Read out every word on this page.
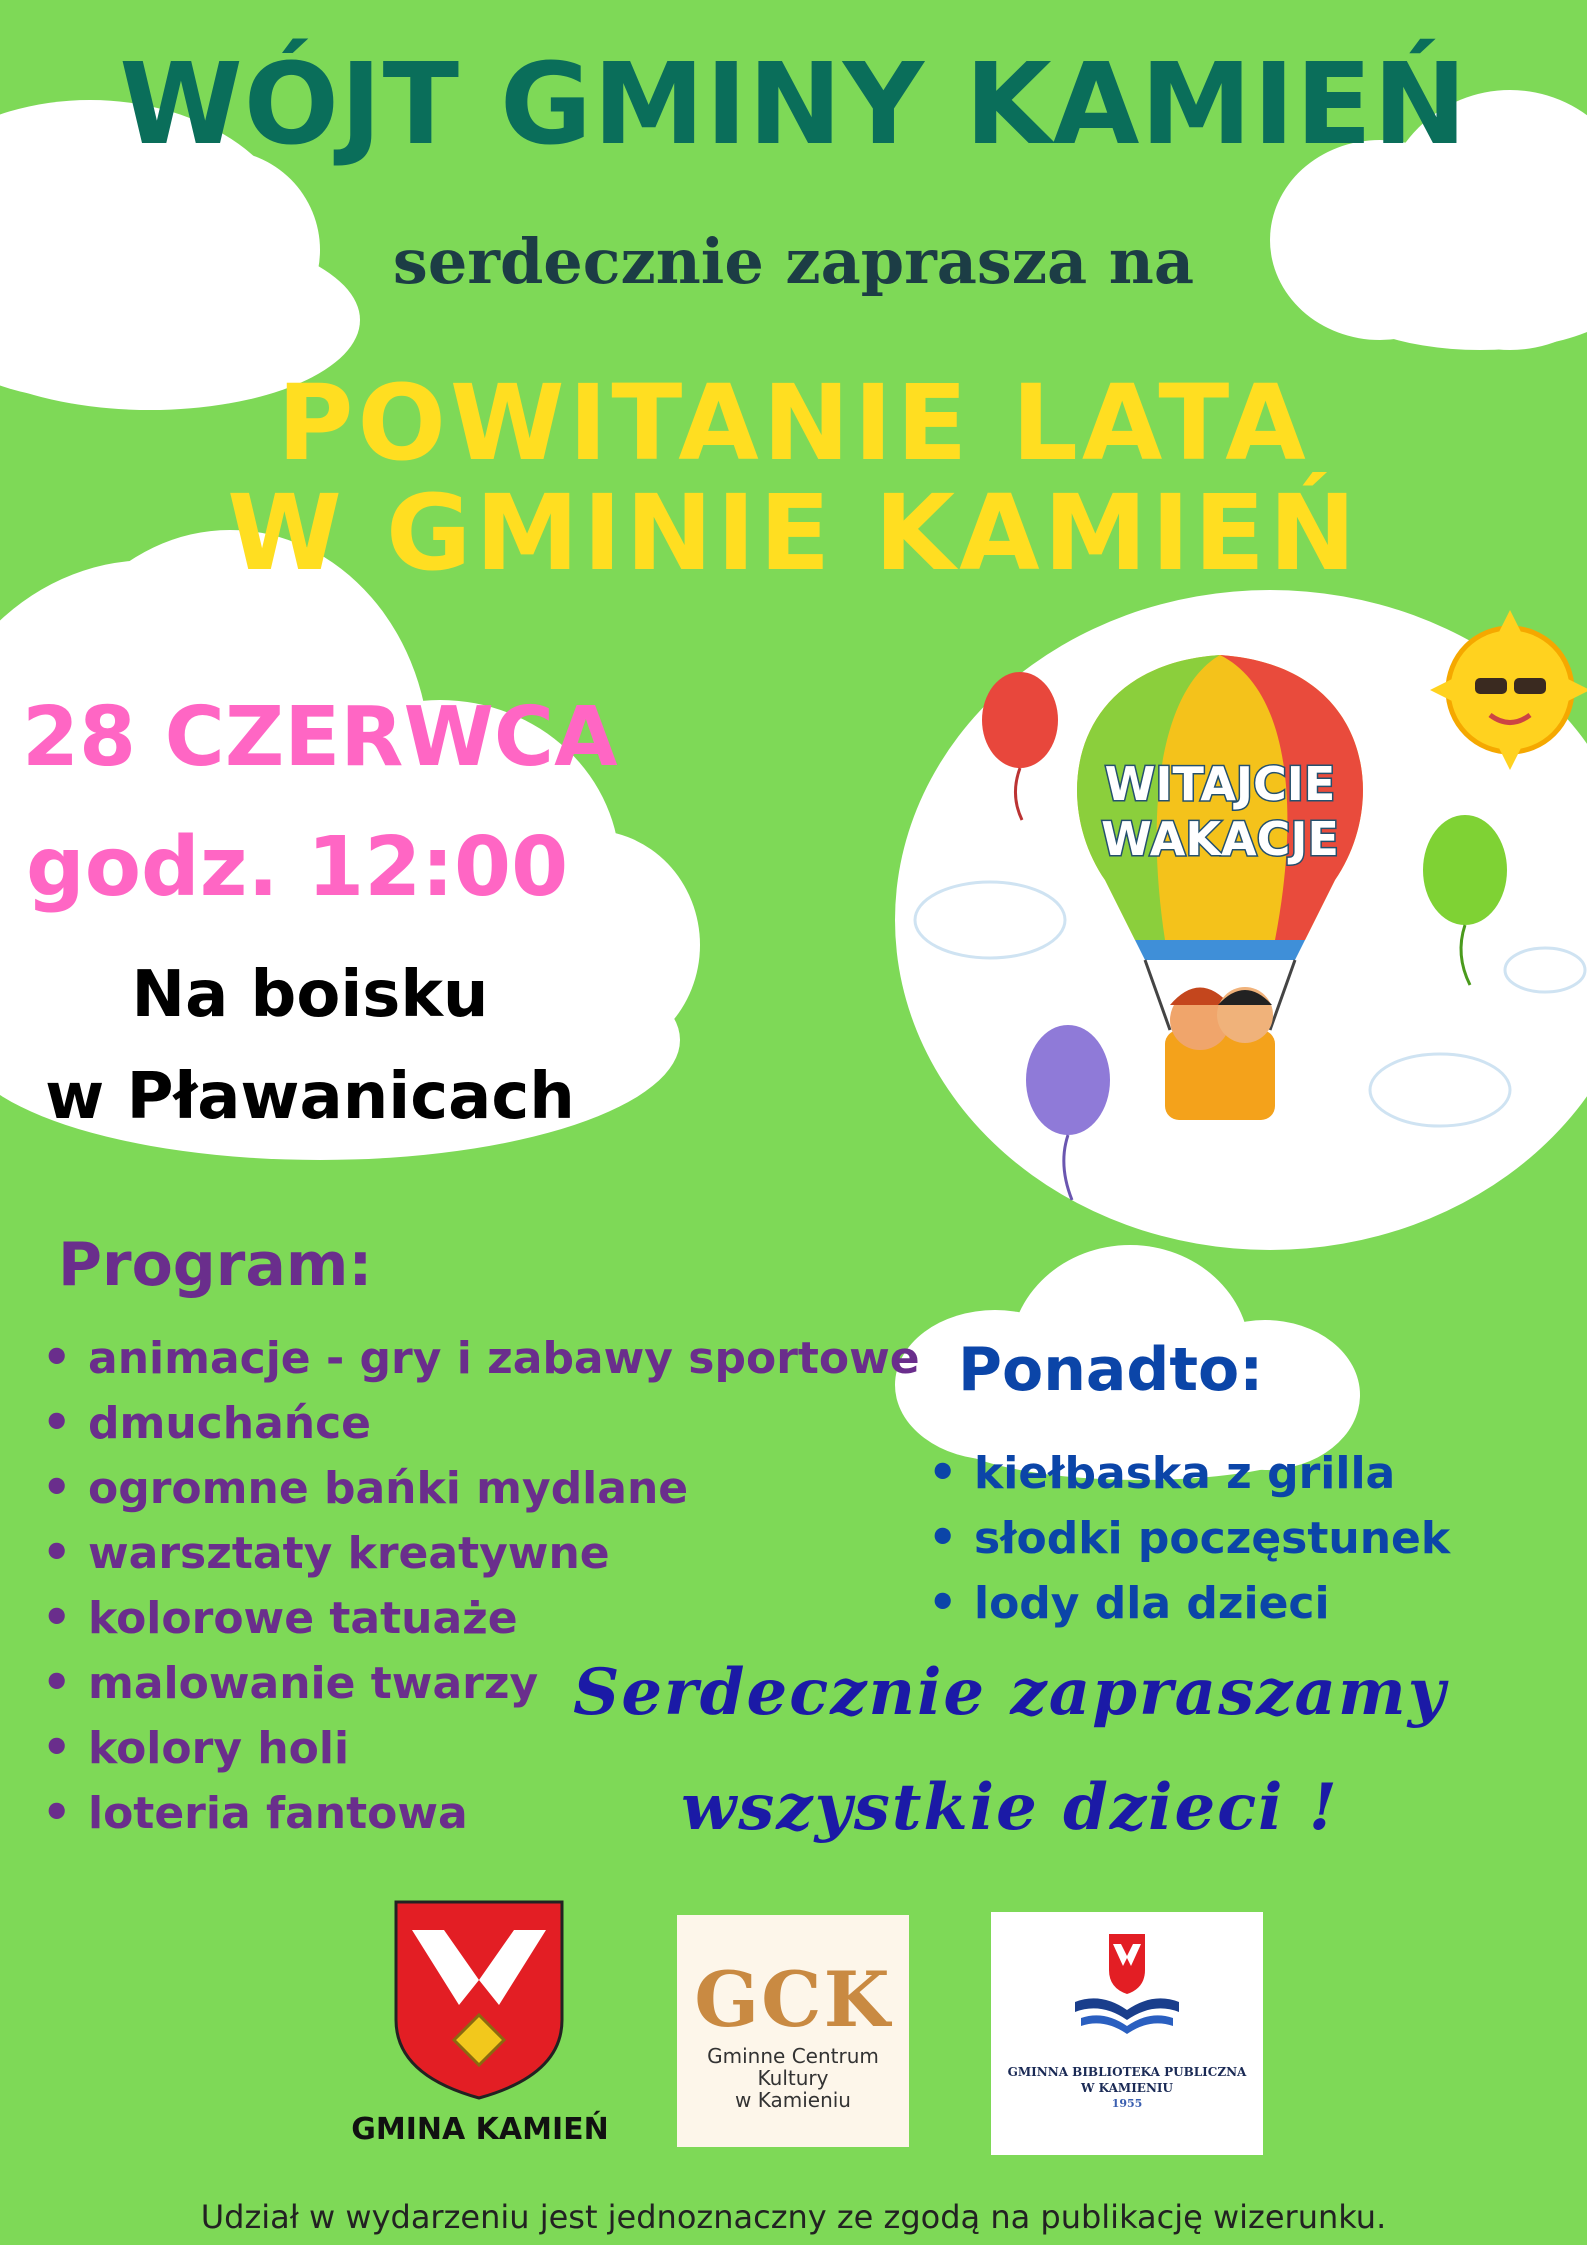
WÓJT GMINY KAMIEŃ
serdecznie zaprasza na
POWITANIE LATA
W GMINIE KAMIEŃ
28 CZERWCA
godz. 12:00
Na boisku
w Pławanicach
WITAJCIE
WAKACJE
Program:
• animacje - gry i zabawy sportowe
• dmuchańce
• ogromne bańki mydlane
• warsztaty kreatywne
• kolorowe tatuaże
• malowanie twarzy
• kolory holi
• loteria fantowa
Ponadto:
• kiełbaska z grilla
• słodki poczęstunek
• lody dla dzieci
Serdecznie zapraszamy
wszystkie dzieci !
GMINA KAMIEŃ
GCK
Gminne Centrum
Kultury
w Kamieniu
GMINNA BIBLIOTEKA PUBLICZNA
W KAMIENIU
1955
Udział w wydarzeniu jest jednoznaczny ze zgodą na publikację wizerunku.
